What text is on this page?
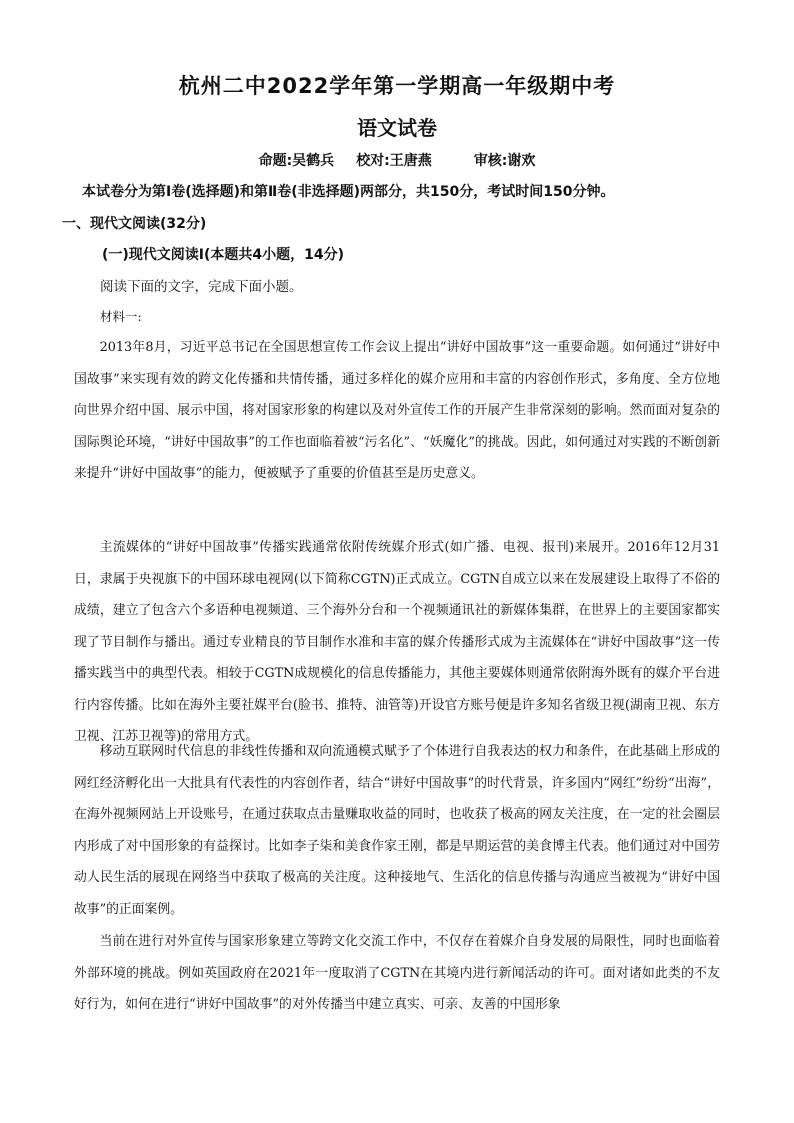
杭州二中2022学年第一学期高一年级期中考
语文试卷
命题:吴鹤兵 校对:王唐燕	审核:谢欢
本试卷分为第Ⅰ卷(选择题)和第Ⅱ卷(非选择题)两部分，共150分，考试时间150分钟。
一、现代文阅读(32分)
(一)现代文阅读Ⅰ(本题共4小题，14分)
阅读下面的文字，完成下面小题。
材料一:

2013年8月，习近平总书记在全国思想宣传工作会议上提出“讲好中国故事”这一重要命题。如何通过“讲好中国故事”来实现有效的跨文化传播和共情传播，通过多样化的媒介应用和丰富的内容创作形式，多角度、全方位地向世界介绍中国、展示中国，将对国家形象的构建以及对外宣传工作的开展产生非常深刻的影响。然而面对复杂的国际舆论环境，“讲好中国故事”的工作也面临着被“污名化”、“妖魔化”的挑战。因此，如何通过对实践的不断创新来提升“讲好中国故事”的能力，便被赋予了重要的价值甚至是历史意义。

主流媒体的“讲好中国故事”传播实践通常依附传统媒介形式(如广播、电视、报刊)来展开。2016年12月31日，隶属于央视旗下的中国环球电视网(以下简称CGTN)正式成立。CGTN自成立以来在发展建设上取得了不俗的成绩，建立了包含六个多语种电视频道、三个海外分台和一个视频通讯社的新媒体集群，在世界上的主要国家都实现了节目制作与播出。通过专业精良的节目制作水准和丰富的媒介传播形式成为主流媒体在“讲好中国故事”这一传播实践当中的典型代表。相较于CGTN成规模化的信息传播能力，其他主要媒体则通常依附海外既有的媒介平台进行内容传播。比如在海外主要社媒平台(脸书、推特、油管等)开设官方账号便是许多知名省级卫视(湖南卫视、东方卫视、江苏卫视等)的常用方式。

移动互联网时代信息的非线性传播和双向流通模式赋予了个体进行自我表达的权力和条件，在此基础上形成的网红经济孵化出一大批具有代表性的内容创作者，结合“讲好中国故事”的时代背景，许多国内“网红”纷纷“出海”，在海外视频网站上开设账号，在通过获取点击量赚取收益的同时，也收获了极高的网友关注度，在一定的社会圈层内形成了对中国形象的有益探讨。比如李子柒和美食作家王刚，都是早期运营的美食博主代表。他们通过对中国劳动人民生活的展现在网络当中获取了极高的关注度。这种接地气、生活化的信息传播与沟通应当被视为“讲好中国故事”的正面案例。

当前在进行对外宣传与国家形象建立等跨文化交流工作中，不仅存在着媒介自身发展的局限性，同时也面临着外部环境的挑战。例如英国政府在2021年一度取消了CGTN在其境内进行新闻活动的许可。面对诸如此类的不友好行为，如何在进行“讲好中国故事”的对外传播当中建立真实、可亲、友善的中国形象
